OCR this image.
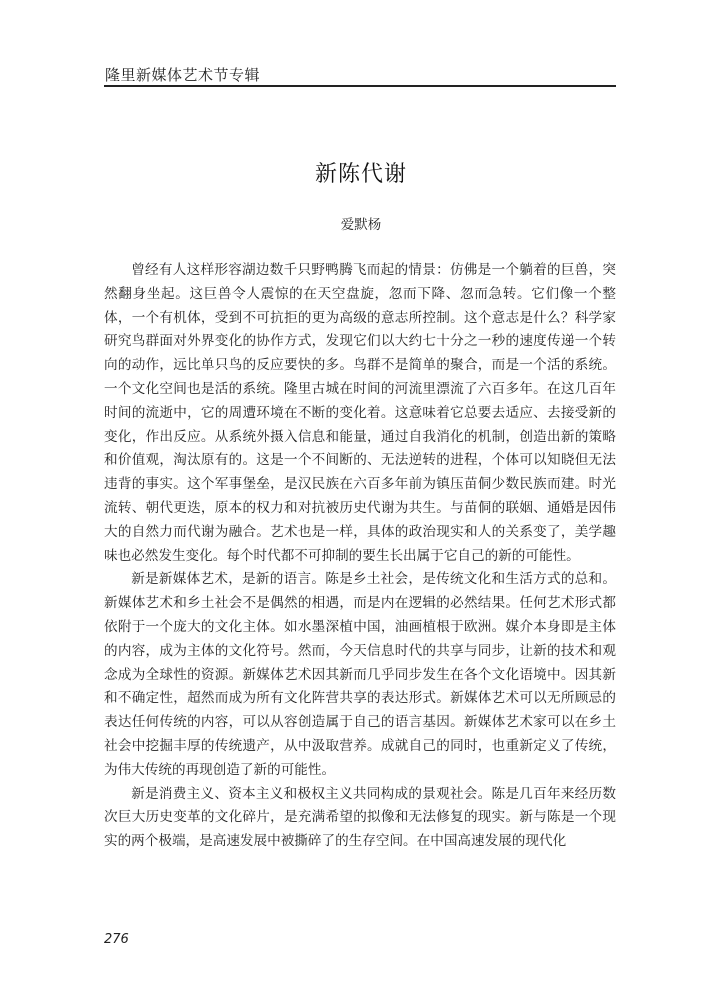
隆里新媒体艺术节专辑
新陈代谢
爱默杨

曾经有人这样形容湖边数千只野鸭腾飞而起的情景：仿佛是一个躺着的巨兽，突然翻身坐起。这巨兽令人震惊的在天空盘旋，忽而下降、忽而急转。它们像一个整体，一个有机体，受到不可抗拒的更为高级的意志所控制。这个意志是什么？科学家研究鸟群面对外界变化的协作方式，发现它们以大约七十分之一秒的速度传递一个转向的动作，远比单只鸟的反应要快的多。鸟群不是简单的聚合，而是一个活的系统。一个文化空间也是活的系统。隆里古城在时间的河流里漂流了六百多年。在这几百年时间的流逝中，它的周遭环境在不断的变化着。这意味着它总要去适应、去接受新的变化，作出反应。从系统外摄入信息和能量，通过自我消化的机制，创造出新的策略和价值观，淘汰原有的。这是一个不间断的、无法逆转的进程，个体可以知晓但无法违背的事实。这个军事堡垒，是汉民族在六百多年前为镇压苗侗少数民族而建。时光流转、朝代更迭，原本的权力和对抗被历史代谢为共生。与苗侗的联姻、通婚是因伟大的自然力而代谢为融合。艺术也是一样，具体的政治现实和人的关系变了，美学趣味也必然发生变化。每个时代都不可抑制的要生长出属于它自己的新的可能性。

新是新媒体艺术，是新的语言。陈是乡土社会，是传统文化和生活方式的总和。新媒体艺术和乡土社会不是偶然的相遇，而是内在逻辑的必然结果。任何艺术形式都依附于一个庞大的文化主体。如水墨深植中国，油画植根于欧洲。媒介本身即是主体的内容，成为主体的文化符号。然而，今天信息时代的共享与同步，让新的技术和观念成为全球性的资源。新媒体艺术因其新而几乎同步发生在各个文化语境中。因其新和不确定性，超然而成为所有文化阵营共享的表达形式。新媒体艺术可以无所顾忌的表达任何传统的内容，可以从容创造属于自己的语言基因。新媒体艺术家可以在乡土社会中挖掘丰厚的传统遗产，从中汲取营养。成就自己的同时，也重新定义了传统，为伟大传统的再现创造了新的可能性。

新是消费主义、资本主义和极权主义共同构成的景观社会。陈是几百年来经历数次巨大历史变革的文化碎片，是充满希望的拟像和无法修复的现实。新与陈是一个现实的两个极端，是高速发展中被撕碎了的生存空间。在中国高速发展的现代化

276
